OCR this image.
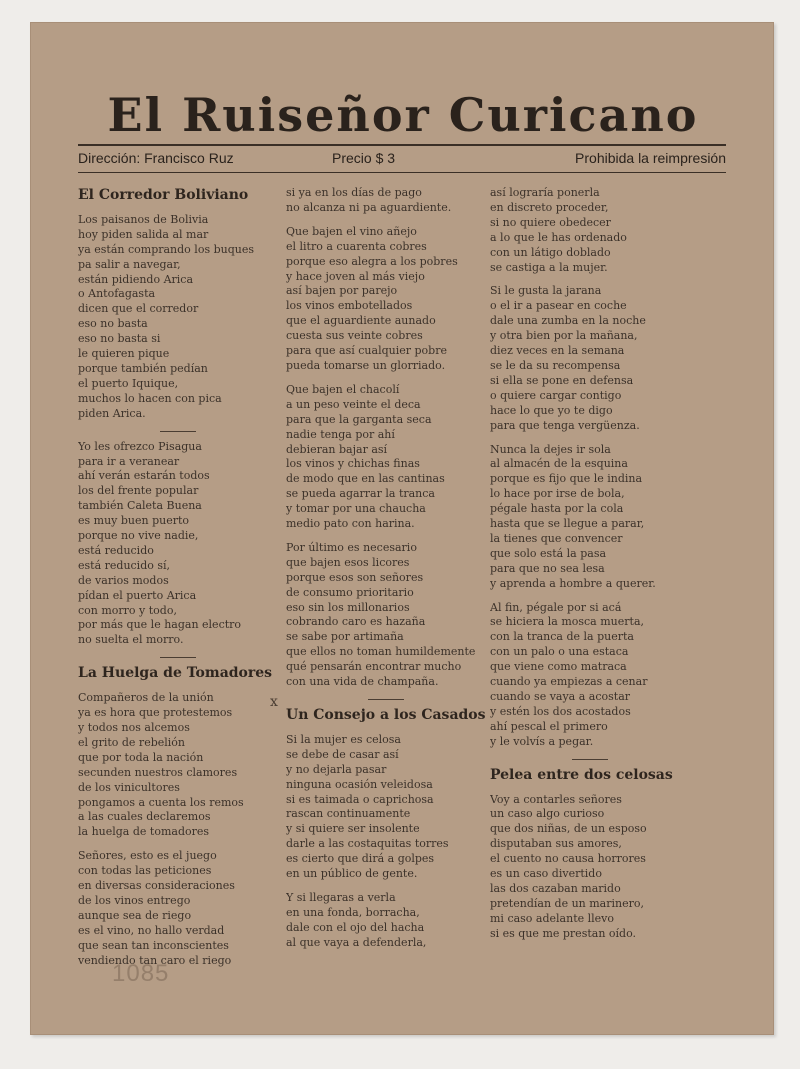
El Ruiseñor Curicano
Dirección: Francisco Ruz	Precio $ 3	Prohibida la reimpresión
El Corredor Boliviano

Los paisanos de Bolivia
hoy piden salida al mar
ya están comprando los buques
pa salir a navegar,
están pidiendo Arica
o Antofagasta
dicen que el corredor
eso no basta
eso no basta si
le quieren pique
porque también pedían
el puerto Iquique,
muchos lo hacen con pica
piden Arica.

Yo les ofrezco Pisagua
para ir a veranear
ahí verán estarán todos
los del frente popular
también Caleta Buena
es muy buen puerto
porque no vive nadie,
está reducido
está reducido sí,
de varios modos
pídan el puerto Arica
con morro y todo,
por más que le hagan electro
no suelta el morro.

La Huelga de Tomadores

Compañeros de la unión
ya es hora que protestemos
y todos nos alcemos
el grito de rebelión
que por toda la nación
secunden nuestros clamores
de los vinicultores
pongamos a cuenta los remos
a las cuales declaremos
la huelga de tomadores

Señores, esto es el juego
con todas las peticiones
en diversas consideraciones
de los vinos entrego
aunque sea de riego
es el vino, no hallo verdad
que sean tan inconscientes
vendiendo tan caro el riego

si ya en los días de pago
no alcanza ni pa aguardiente.

Que bajen el vino añejo
el litro a cuarenta cobres
porque eso alegra a los pobres
y hace joven al más viejo
así bajen por parejo
los vinos embotellados
que el aguardiente aunado
cuesta sus veinte cobres
para que así cualquier pobre
pueda tomarse un glorriado.

Que bajen el chacolí
a un peso veinte el deca
para que la garganta seca
nadie tenga por ahí
debieran bajar así
los vinos y chichas finas
de modo que en las cantinas
se pueda agarrar la tranca
y tomar por una chaucha
medio pato con harina.

Por último es necesario
que bajen esos licores
porque esos son señores
de consumo prioritario
eso sin los millonarios
cobrando caro es hazaña
se sabe por artimaña
que ellos no toman humildemente
qué pensarán encontrar mucho
con una vida de champaña.

Un Consejo a los Casados

Si la mujer es celosa
se debe de casar así
y no dejarla pasar
ninguna ocasión veleidosa
si es taimada o caprichosa
rascan continuamente
y si quiere ser insolente
darle a las costaquitas torres
es cierto que dirá a golpes
en un público de gente.

Y si llegaras a verla
en una fonda, borracha,
dale con el ojo del hacha
al que vaya a defenderla,

así lograría ponerla
en discreto proceder,
si no quiere obedecer
a lo que le has ordenado
con un látigo doblado
se castiga a la mujer.

Si le gusta la jarana
o el ir a pasear en coche
dale una zumba en la noche
y otra bien por la mañana,
diez veces en la semana
se le da su recompensa
si ella se pone en defensa
o quiere cargar contigo
hace lo que yo te digo
para que tenga vergüenza.

Nunca la dejes ir sola
al almacén de la esquina
porque es fijo que le indina
lo hace por irse de bola,
pégale hasta por la cola
hasta que se llegue a parar,
la tienes que convencer
que solo está la pasa
para que no sea lesa
y aprenda a hombre a querer.

Al fin, pégale por si acá
se hiciera la mosca muerta,
con la tranca de la puerta
con un palo o una estaca
que viene como matraca
cuando ya empiezas a cenar
cuando se vaya a acostar
y estén los dos acostados
ahí pescal el primero
y le volvís a pegar.

Pelea entre dos celosas

Voy a contarles señores
un caso algo curioso
que dos niñas, de un esposo
disputaban sus amores,
el cuento no causa horrores
es un caso divertido
las dos cazaban marido
pretendían de un marinero,
mi caso adelante llevo
si es que me prestan oído.

x
1085
